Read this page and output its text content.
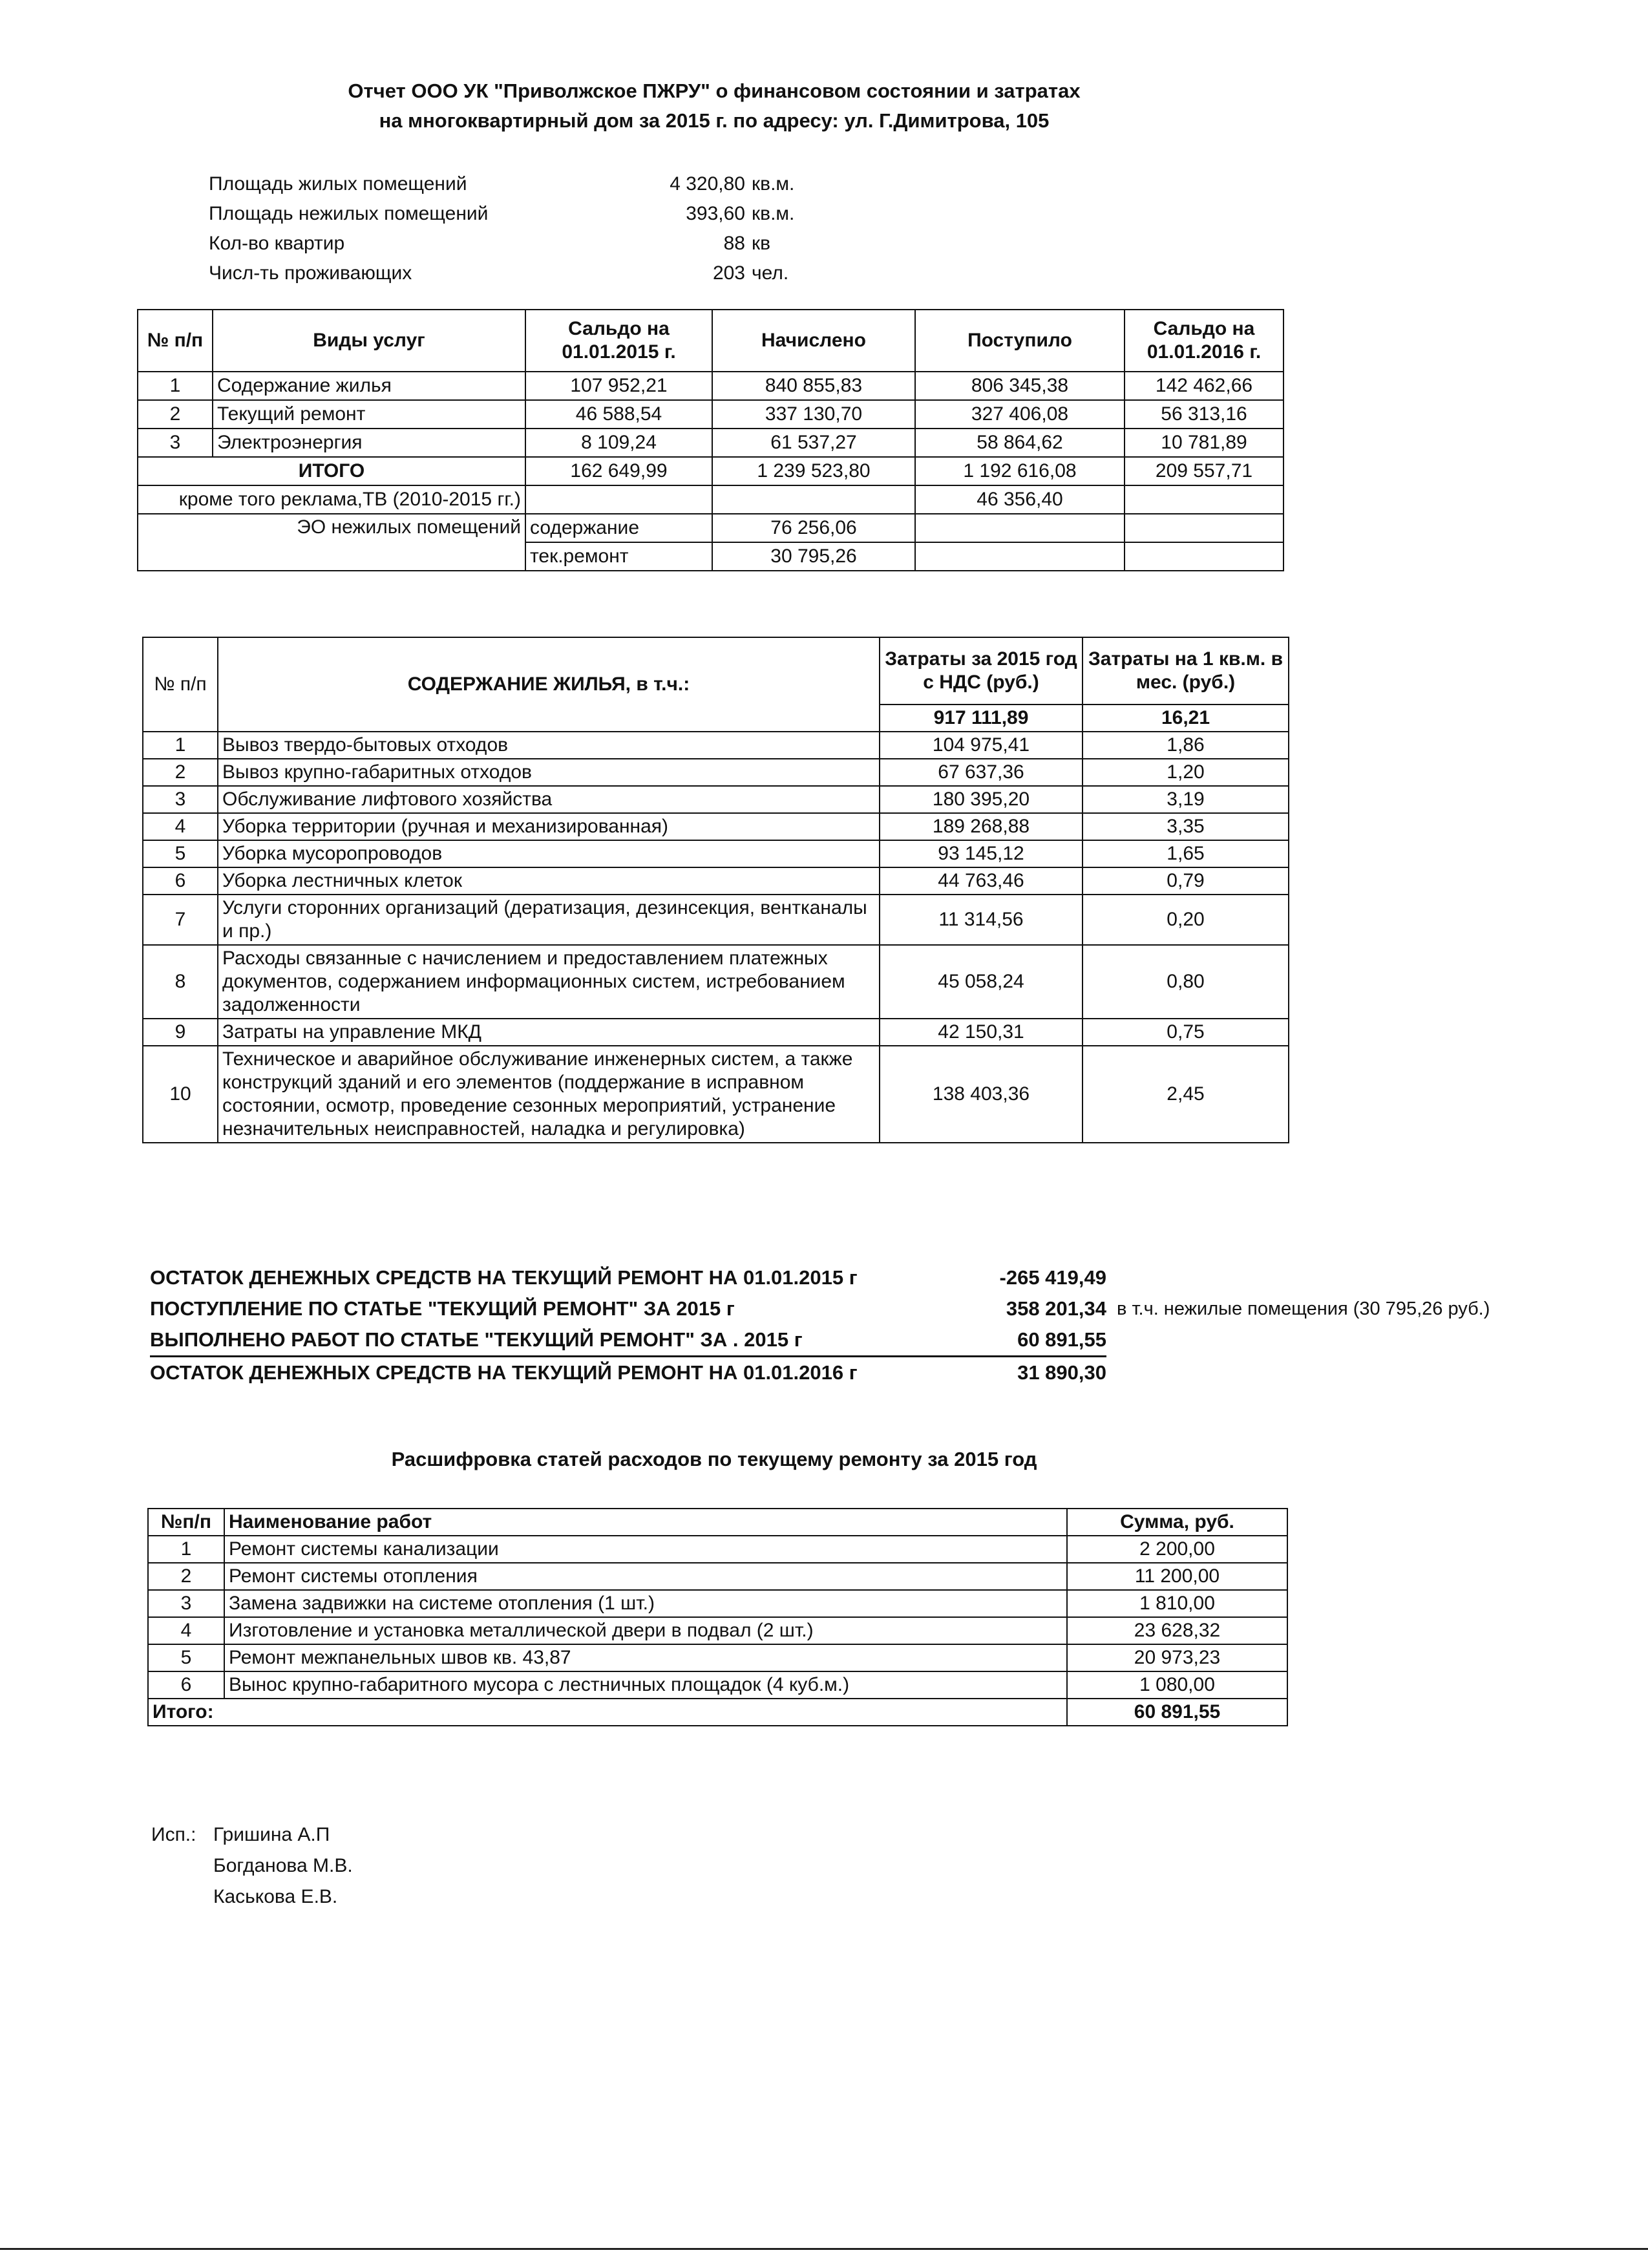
Отчет ООО УК "Приволжское ПЖРУ" о финансовом состоянии и затратах
на многоквартирный дом за 2015 г. по адресу: ул. Г.Димитрова, 105
Площадь жилых помещений	4 320,80 кв.м.
Площадь нежилых помещений	393,60 кв.м.
Кол-во квартир	88 кв
Числ-ть проживающих	203 чел.
№ п/п	Виды услуг	Сальдо на 01.01.2015 г.	Начислено	Поступило	Сальдо на 01.01.2016 г.
1	Содержание жилья	107 952,21	840 855,83	806 345,38	142 462,66
2	Текущий ремонт	46 588,54	337 130,70	327 406,08	56 313,16
3	Электроэнергия	8 109,24	61 537,27	58 864,62	10 781,89
ИТОГО		162 649,99	1 239 523,80	1 192 616,08	209 557,71
кроме того реклама,ТВ (2010-2015 гг.)				46 356,40	
ЭО нежилых помещений		содержание	76 256,06		
		тек.ремонт	30 795,26		
№ п/п	СОДЕРЖАНИЕ ЖИЛЬЯ, в т.ч.:	Затраты за 2015 год с НДС (руб.)	Затраты на 1 кв.м. в мес. (руб.)
		917 111,89	16,21
1	Вывоз твердо-бытовых отходов	104 975,41	1,86
2	Вывоз крупно-габаритных отходов	67 637,36	1,20
3	Обслуживание лифтового хозяйства	180 395,20	3,19
4	Уборка территории (ручная и механизированная)	189 268,88	3,35
5	Уборка мусоропроводов	93 145,12	1,65
6	Уборка лестничных клеток	44 763,46	0,79
7	Услуги сторонних организаций (дератизация, дезинсекция, вентканалы и пр.)	11 314,56	0,20
8	Расходы связанные с начислением и предоставлением платежных документов, содержанием информационных систем, истребованием задолженности	45 058,24	0,80
9	Затраты на управление МКД	42 150,31	0,75
10	Техническое и аварийное обслуживание инженерных систем, а также конструкций зданий и его элементов (поддержание в исправном состоянии, осмотр, проведение сезонных мероприятий, устранение незначительных неисправностей, наладка и регулировка)	138 403,36	2,45
ОСТАТОК ДЕНЕЖНЫХ СРЕДСТВ НА ТЕКУЩИЙ РЕМОНТ НА 01.01.2015 г	-265 419,49
ПОСТУПЛЕНИЕ ПО СТАТЬЕ "ТЕКУЩИЙ РЕМОНТ" ЗА 2015 г	358 201,34 в т.ч. нежилые помещения (30 795,26 руб.)
ВЫПОЛНЕНО РАБОТ ПО СТАТЬЕ "ТЕКУЩИЙ РЕМОНТ" ЗА . 2015 г	60 891,55
ОСТАТОК ДЕНЕЖНЫХ СРЕДСТВ НА ТЕКУЩИЙ РЕМОНТ НА 01.01.2016 г	31 890,30
Расшифровка статей расходов по текущему ремонту за 2015 год
№п/п	Наименование работ	Сумма, руб.
1	Ремонт системы канализации	2 200,00
2	Ремонт системы отопления	11 200,00
3	Замена задвижки на системе отопления (1 шт.)	1 810,00
4	Изготовление и установка металлической двери в подвал (2 шт.)	23 628,32
5	Ремонт межпанельных швов кв. 43,87	20 973,23
6	Вынос крупно-габаритного мусора с лестничных площадок (4 куб.м.)	1 080,00
Итого:		60 891,55
Исп.: Гришина А.П
Богданова М.В.
Каськова Е.В.
